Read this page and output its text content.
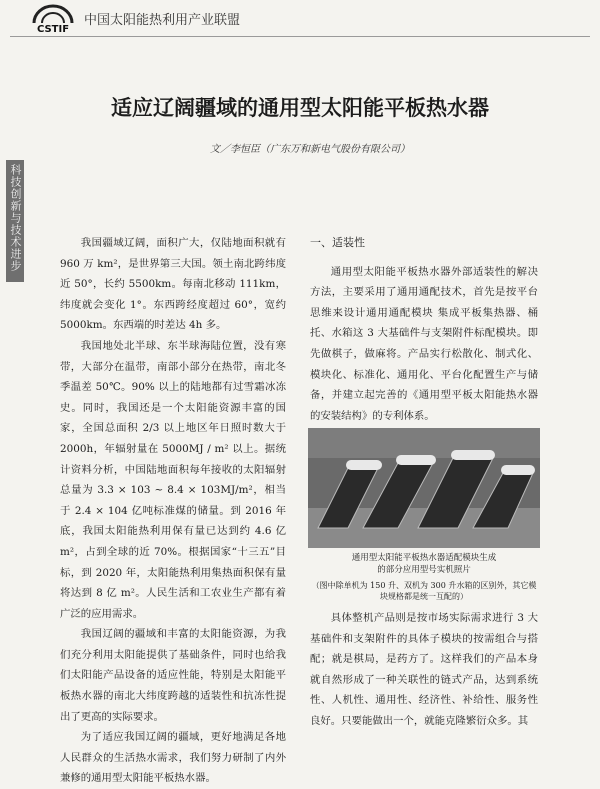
CSTIF
中国太阳能热利用产业联盟
科技创新与技术进步
适应辽阔疆域的通用型太阳能平板热水器
文／李恒臣（广东万和新电气股份有限公司）

我国疆域辽阔，面积广大，仅陆地面积就有 960 万 km²，是世界第三大国。领土南北跨纬度近 50°，长约 5500km。每南北移动 111km，纬度就会变化 1°。东西跨经度超过 60°，宽约 5000km。东西端的时差达 4h 多。

我国地处北半球、东半球海陆位置，没有寒带，大部分在温带，南部小部分在热带，南北冬季温差 50℃。90% 以上的陆地都有过雪霜冰冻史。同时，我国还是一个太阳能资源丰富的国家，全国总面积 2/3 以上地区年日照时数大于 2000h，年辐射量在 5000MJ / m² 以上。据统计资料分析，中国陆地面积每年接收的太阳辐射总量为 3.3 × 103 ~ 8.4 × 103MJ/m²，相当于 2.4 × 104 亿吨标准煤的储量。到 2016 年底，我国太阳能热利用保有量已达到约 4.6 亿 m²，占到全球的近 70%。根据国家“十三五”目标，到 2020 年，太阳能热利用集热面积保有量将达到 8 亿 m²。人民生活和工农业生产都有着广泛的应用需求。

我国辽阔的疆域和丰富的太阳能资源，为我们充分利用太阳能提供了基础条件，同时也给我们太阳能产品设备的适应性能，特别是太阳能平板热水器的南北大纬度跨越的适装性和抗冻性提出了更高的实际要求。

为了适应我国辽阔的疆域，更好地满足各地人民群众的生活热水需求，我们努力研制了内外兼修的通用型太阳能平板热水器。

一、适装性

通用型太阳能平板热水器外部适装性的解决方法，主要采用了通用通配技术，首先是按平台思维来设计通用通配模块 集成平板集热器、桶托、水箱这 3 大基础件与支架附件标配模块。即先做棋子，做麻将。产品实行松散化、制式化、模块化、标准化、通用化、平台化配置生产与储备，并建立起完善的《通用型平板太阳能热水器的安装结构》的专利体系。

通用型太阳能平板热水器适配模块生成
的部分应用型号实机照片
（图中除单机为 150 升、双机为 300 升水箱的区别外，其它模块规格都是统一互配的）

具体整机产品则是按市场实际需求进行 3 大基础件和支架附件的具体子模块的按需组合与搭配；就是棋局，是药方了。这样我们的产品本身就自然形成了一种关联性的链式产品，达到系统性、人机性、通用性、经济性、补给性、服务性良好。只要能做出一个，就能克隆繁衍众多。其
